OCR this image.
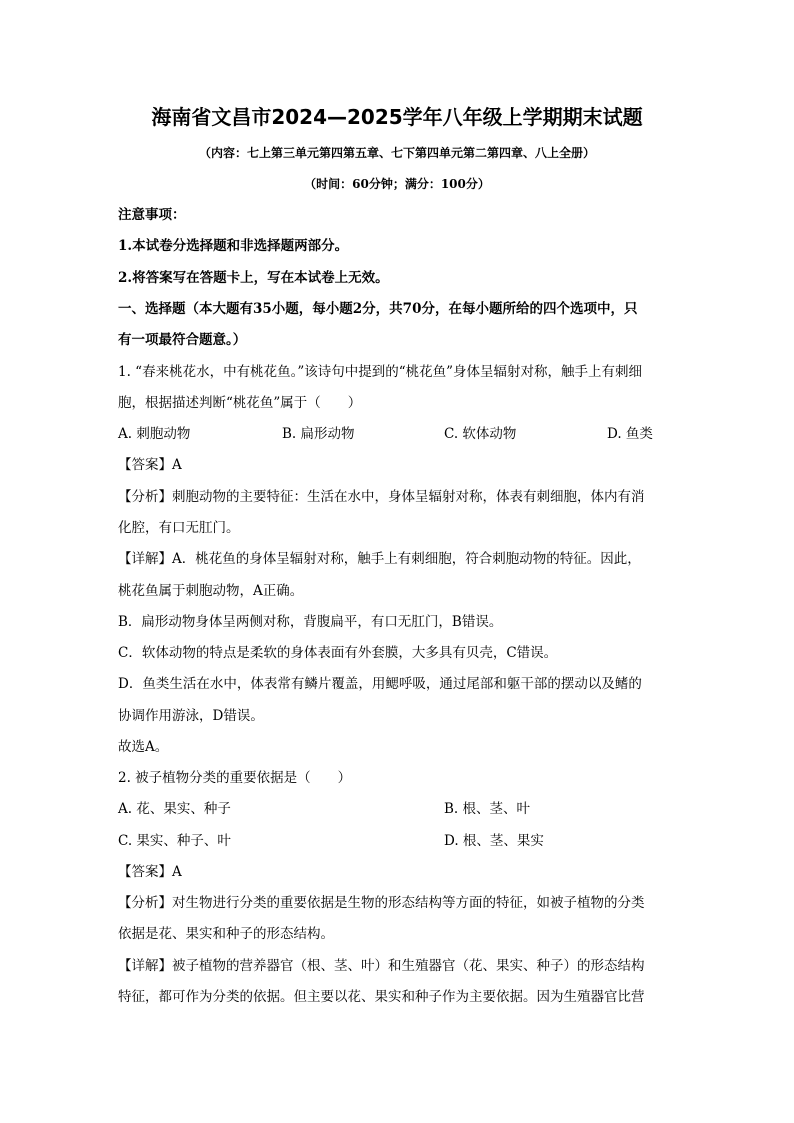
海南省文昌市2024—2025学年八年级上学期期末试题
（内容：七上第三单元第四第五章、七下第四单元第二第四章、八上全册）
（时间：60分钟；满分：100分）
注意事项：
1.本试卷分选择题和非选择题两部分。
2.将答案写在答题卡上，写在本试卷上无效。
一、选择题（本大题有35小题，每小题2分，共70分，在每小题所给的四个选项中，只
有一项最符合题意。）
1. “春来桃花水，中有桃花鱼。”该诗句中提到的“桃花鱼”身体呈辐射对称，触手上有刺细
胞，根据描述判断“桃花鱼”属于（　　）
A. 刺胞动物	B. 扁形动物	C. 软体动物	D. 鱼类
【答案】A
【分析】刺胞动物的主要特征：生活在水中，身体呈辐射对称，体表有刺细胞，体内有消
化腔，有口无肛门。
【详解】A．桃花鱼的身体呈辐射对称，触手上有刺细胞，符合刺胞动物的特征。因此，
桃花鱼属于刺胞动物，A正确。
B．扁形动物身体呈两侧对称，背腹扁平，有口无肛门，B错误。
C．软体动物的特点是柔软的身体表面有外套膜，大多具有贝壳，C错误。
D．鱼类生活在水中，体表常有鳞片覆盖，用鳃呼吸，通过尾部和躯干部的摆动以及鳍的
协调作用游泳，D错误。
故选A。
2. 被子植物分类的重要依据是（　　）
A. 花、果实、种子	B. 根、茎、叶
C. 果实、种子、叶	D. 根、茎、果实
【答案】A
【分析】对生物进行分类的重要依据是生物的形态结构等方面的特征，如被子植物的分类
依据是花、果实和种子的形态结构。
【详解】被子植物的营养器官（根、茎、叶）和生殖器官（花、果实、种子）的形态结构
特征，都可作为分类的依据。但主要以花、果实和种子作为主要依据。因为生殖器官比营
